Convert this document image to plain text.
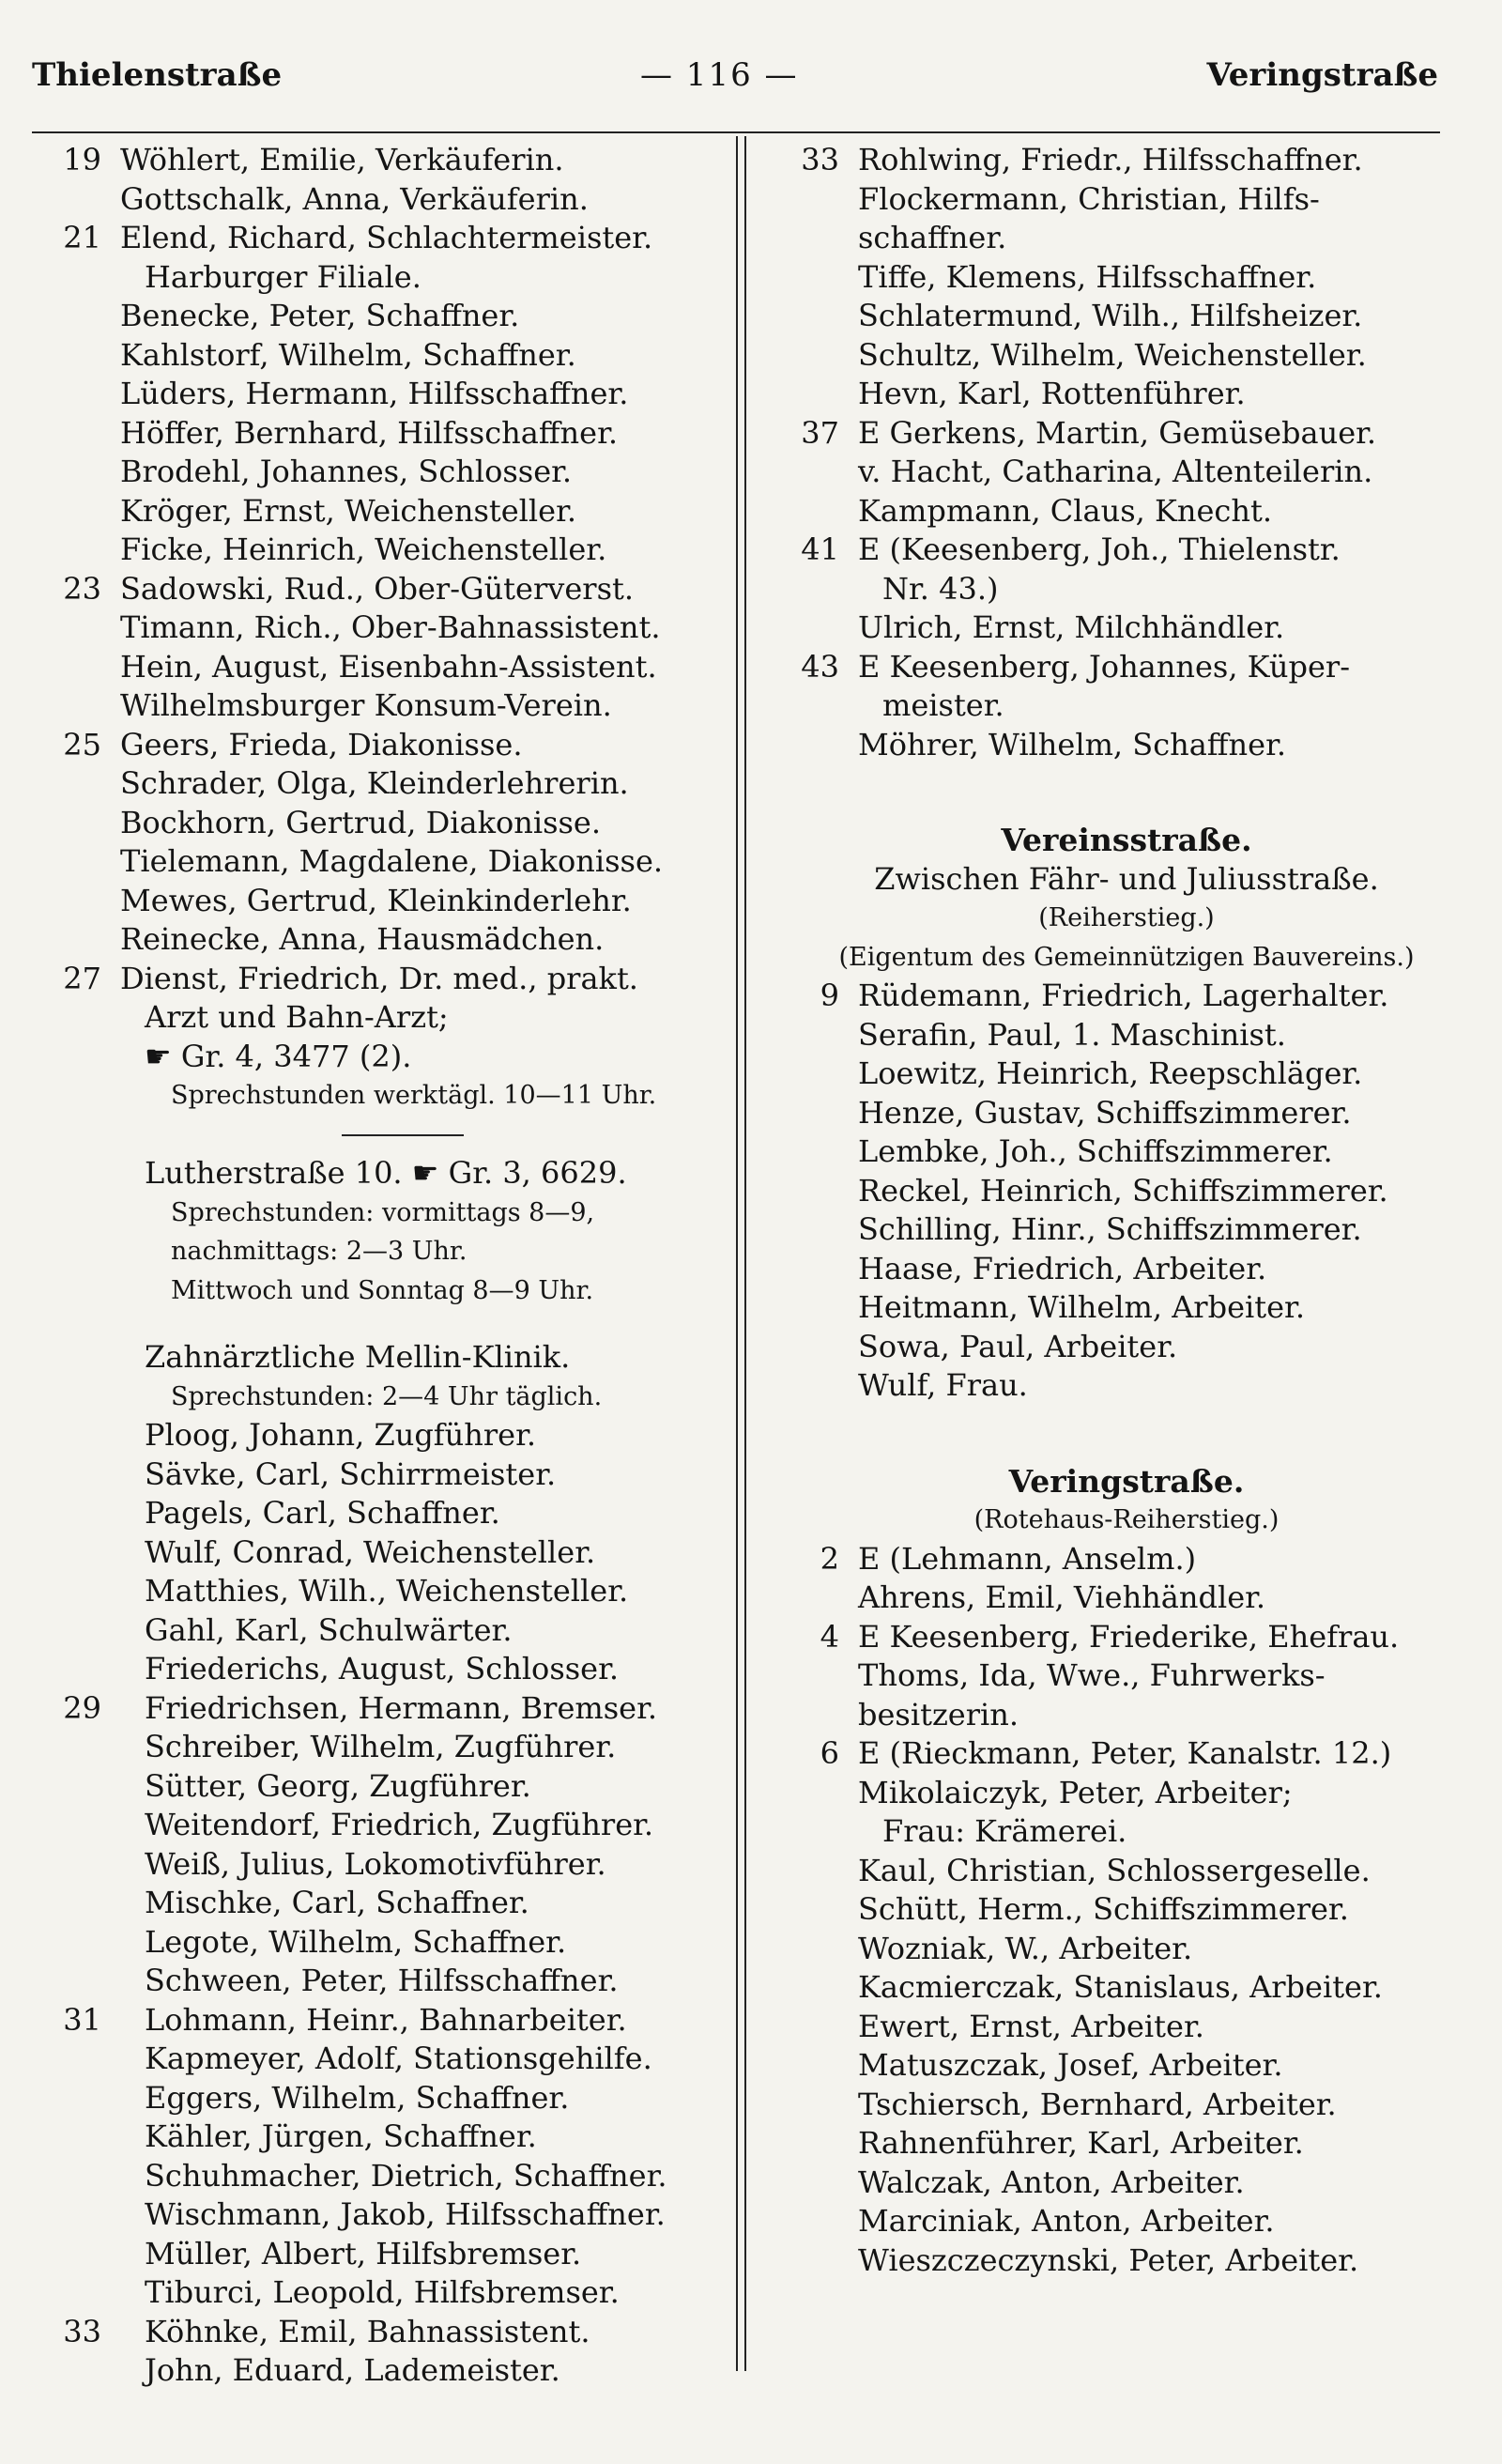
Thielenstraße	— 116 —	Veringstraße
19 Wöhlert, Emilie, Verkäuferin.
Gottschalk, Anna, Verkäuferin.
21 Elend, Richard, Schlachtermeister.
Harburger Filiale.
Benecke, Peter, Schaffner.
Kahlstorf, Wilhelm, Schaffner.
Lüders, Hermann, Hilfsschaffner.
Höffer, Bernhard, Hilfsschaffner.
Brodehl, Johannes, Schlosser.
Kröger, Ernst, Weichensteller.
Ficke, Heinrich, Weichensteller.
23 Sadowski, Rud., Ober-Güterverst.
Timann, Rich., Ober-Bahnassistent.
Hein, August, Eisenbahn-Assistent.
Wilhelmsburger Konsum-Verein.
25 Geers, Frieda, Diakonisse.
Schrader, Olga, Kleinderlehrerin.
Bockhorn, Gertrud, Diakonisse.
Tielemann, Magdalene, Diakonisse.
Mewes, Gertrud, Kleinkinderlehr.
Reinecke, Anna, Hausmädchen.
27 Dienst, Friedrich, Dr. med., prakt.
Arzt und Bahn-Arzt;
☛ Gr. 4, 3477 (2).
Sprechstunden werktägl. 10—11 Uhr.
Lutherstraße 10. ☛ Gr. 3, 6629.
Sprechstunden: vormittags 8—9,
nachmittags: 2—3 Uhr.
Mittwoch und Sonntag 8—9 Uhr.
Zahnärztliche Mellin-Klinik.
Sprechstunden: 2—4 Uhr täglich.
Ploog, Johann, Zugführer.
Sävke, Carl, Schirrmeister.
Pagels, Carl, Schaffner.
Wulf, Conrad, Weichensteller.
Matthies, Wilh., Weichensteller.
Gahl, Karl, Schulwärter.
Friederichs, August, Schlosser.
29 Friedrichsen, Hermann, Bremser.
Schreiber, Wilhelm, Zugführer.
Sütter, Georg, Zugführer.
Weitendorf, Friedrich, Zugführer.
Weiß, Julius, Lokomotivführer.
Mischke, Carl, Schaffner.
Legote, Wilhelm, Schaffner.
Schween, Peter, Hilfsschaffner.
31 Lohmann, Heinr., Bahnarbeiter.
Kapmeyer, Adolf, Stationsgehilfe.
Eggers, Wilhelm, Schaffner.
Kähler, Jürgen, Schaffner.
Schuhmacher, Dietrich, Schaffner.
Wischmann, Jakob, Hilfsschaffner.
Müller, Albert, Hilfsbremser.
Tiburci, Leopold, Hilfsbremser.
33 Köhnke, Emil, Bahnassistent.
John, Eduard, Lademeister.
33 Rohlwing, Friedr., Hilfsschaffner.
Flockermann, Christian, Hilfs-
schaffner.
Tiffe, Klemens, Hilfsschaffner.
Schlatermund, Wilh., Hilfsheizer.
Schultz, Wilhelm, Weichensteller.
Hevn, Karl, Rottenführer.
37 E Gerkens, Martin, Gemüsebauer.
v. Hacht, Catharina, Altenteilerin.
Kampmann, Claus, Knecht.
41 E (Keesenberg, Joh., Thielenstr.
Nr. 43.)
Ulrich, Ernst, Milchhändler.
43 E Keesenberg, Johannes, Küper-
meister.
Möhrer, Wilhelm, Schaffner.
Vereinsstraße.
Zwischen Fähr- und Juliusstraße.
(Reiherstieg.)
(Eigentum des Gemeinnützigen Bauvereins.)
9 Rüdemann, Friedrich, Lagerhalter.
Serafin, Paul, 1. Maschinist.
Loewitz, Heinrich, Reepschläger.
Henze, Gustav, Schiffszimmerer.
Lembke, Joh., Schiffszimmerer.
Reckel, Heinrich, Schiffszimmerer.
Schilling, Hinr., Schiffszimmerer.
Haase, Friedrich, Arbeiter.
Heitmann, Wilhelm, Arbeiter.
Sowa, Paul, Arbeiter.
Wulf, Frau.
Veringstraße.
(Rotehaus-Reiherstieg.)
2 E (Lehmann, Anselm.)
Ahrens, Emil, Viehhändler.
4 E Keesenberg, Friederike, Ehefrau.
Thoms, Ida, Wwe., Fuhrwerks-
besitzerin.
6 E (Rieckmann, Peter, Kanalstr. 12.)
Mikolaiczyk, Peter, Arbeiter;
Frau: Krämerei.
Kaul, Christian, Schlossergeselle.
Schütt, Herm., Schiffszimmerer.
Wozniak, W., Arbeiter.
Kacmierczak, Stanislaus, Arbeiter.
Ewert, Ernst, Arbeiter.
Matuszczak, Josef, Arbeiter.
Tschiersch, Bernhard, Arbeiter.
Rahnenführer, Karl, Arbeiter.
Walczak, Anton, Arbeiter.
Marciniak, Anton, Arbeiter.
Wieszczeczynski, Peter, Arbeiter.
